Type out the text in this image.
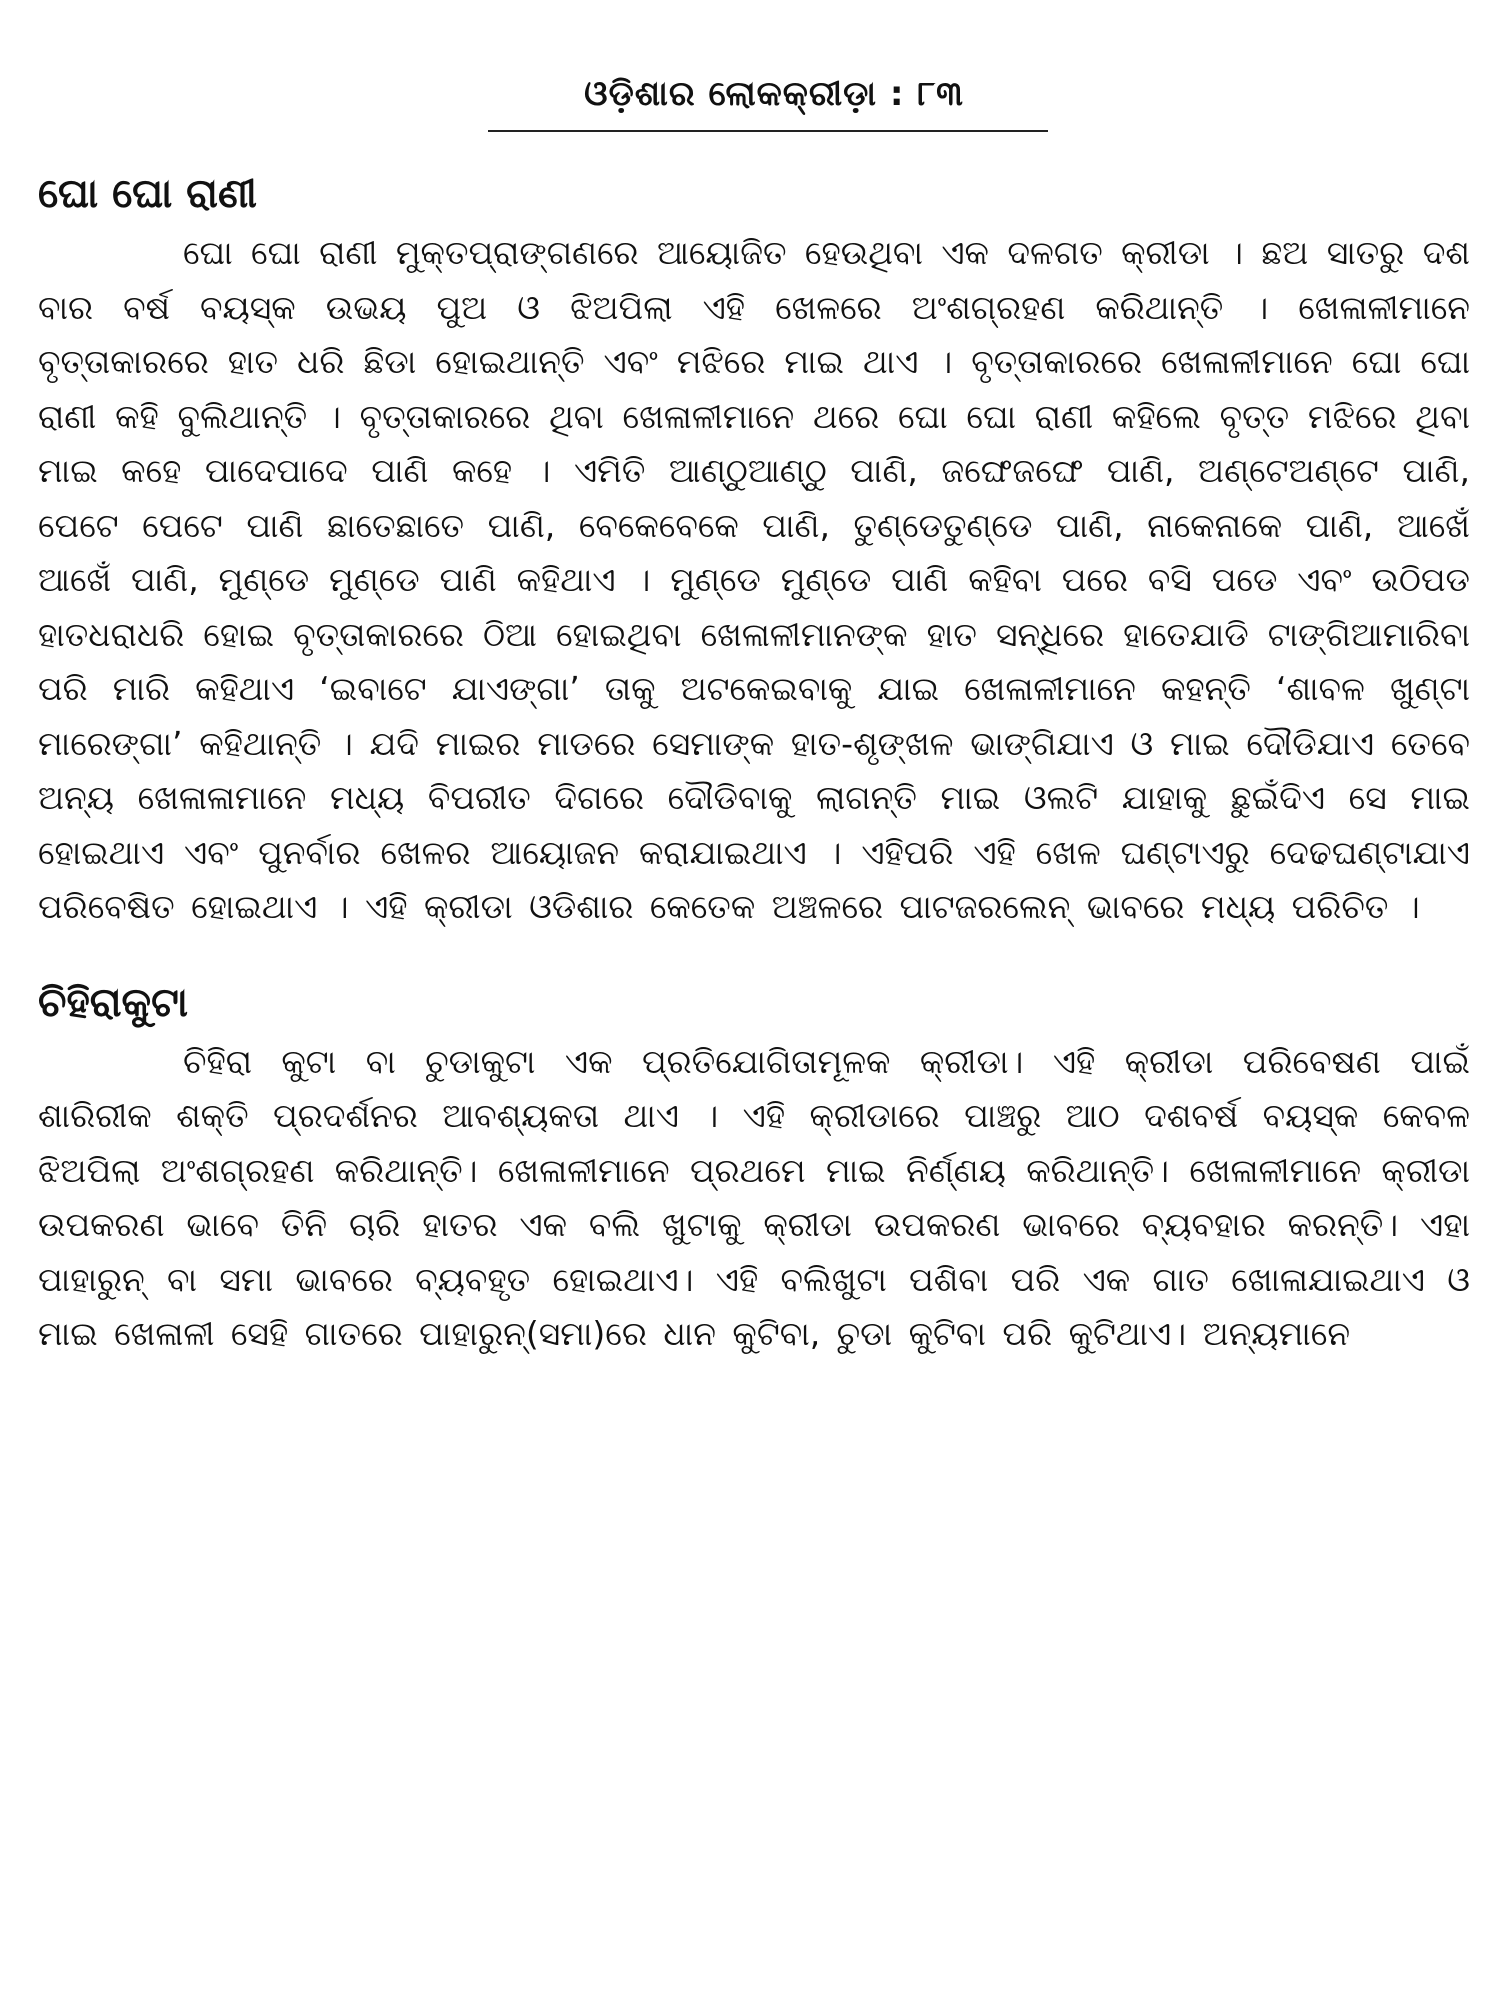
ଓଡ଼ିଶାର ଲୋକକ୍ରୀଡ଼ା : ୮୩
ଘୋ ଘୋ ରାଣୀ

ଘୋ ଘୋ ରାଣୀ ମୁକ୍ତପ୍ରାଙ୍ଗଣରେ ଆୟୋଜିତ ହେଉଥିବା ଏକ ଦଳଗତ କ୍ରୀଡା । ଛଅ ସାତରୁ ଦଶ ବାର ବର୍ଷ ବୟସ୍କ ଉଭୟ ପୁଅ ଓ ଝିଅପିଲା ଏହି ଖେଳରେ ଅଂଶଗ୍ରହଣ କରିଥାନ୍ତି । ଖେଳାଳୀମାନେ ବୃତ୍ତାକାରରେ ହାତ ଧରି ଛିଡା ହୋଇଥାନ୍ତି ଏବଂ ମଝିରେ ମାଇ ଥାଏ । ବୃତ୍ତାକାରରେ ଖେଳାଳୀମାନେ ଘୋ ଘୋ ରାଣୀ କହି ବୁଲିଥାନ୍ତି । ବୃତ୍ତାକାରରେ ଥିବା ଖେଳାଳୀମାନେ ଥରେ ଘୋ ଘୋ ରାଣୀ କହିଲେ ବୃତ୍ତ ମଝିରେ ଥିବା ମାଇ କହେ ପାଦେପାଦେ ପାଣି କହେ । ଏମିତି ଆଣ୍ଠୁଆଣ୍ଠୁ ପାଣି, ଜଙ୍ଘେଜଙ୍ଘେ ପାଣି, ଅଣ୍ଟେଅଣ୍ଟେ ପାଣି, ପେଟେ ପେଟେ ପାଣି ଛାତେଛାତେ ପାଣି, ବେକେବେକେ ପାଣି, ତୁଣ୍ଡେତୁଣ୍ଡେ ପାଣି, ନାକେନାକେ ପାଣି, ଆଖେଁ ଆଖେଁ ପାଣି, ମୁଣ୍ଡେ ମୁଣ୍ଡେ ପାଣି କହିଥାଏ । ମୁଣ୍ଡେ ମୁଣ୍ଡେ ପାଣି କହିବା ପରେ ବସି ପଡେ ଏବଂ ଉଠିପଡ ହାତଧରାଧରି ହୋଇ ବୃତ୍ତାକାରରେ ଠିଆ ହୋଇଥିବା ଖେଳାଳୀମାନଙ୍କ ହାତ ସନ୍ଧିରେ ହାତେଯାଡି ଟାଙ୍ଗିଆମାରିବା ପରି ମାରି କହିଥାଏ ‘ଇବାଟେ ଯାଏଙ୍ଗା’ ତାକୁ ଅଟକେଇବାକୁ ଯାଇ ଖେଳାଳୀମାନେ କହନ୍ତି ‘ଶାବଳ ଖୁଣ୍ଟା ମାରେଙ୍ଗା’ କହିଥାନ୍ତି । ଯଦି ମାଇର ମାଡରେ ସେମାଙ୍କ ହାତ-ଶୃଙ୍ଖଳ ଭାଙ୍ଗିଯାଏ ଓ ମାଇ ଦୌଡିଯାଏ ତେବେ ଅନ୍ୟ ଖେଳାଳାମାନେ ମଧ୍ୟ ବିପରୀତ ଦିଗରେ ଦୌଡିବାକୁ ଲାଗନ୍ତି ମାଇ ଓଲଟି ଯାହାକୁ ଛୁଇଁଦିଏ ସେ ମାଇ ହୋଇଥାଏ ଏବଂ ପୁନର୍ବାର ଖେଳର ଆୟୋଜନ କରାଯାଇଥାଏ । ଏହିପରି ଏହି ଖେଳ ଘଣ୍ଟାଏରୁ ଦେଢଘଣ୍ଟାଯାଏ ପରିବେଷିତ ହୋଇଥାଏ । ଏହି କ୍ରୀଡା ଓଡିଶାର କେତେକ ଅଞ୍ଚଳରେ ପାଟଜରଲେନ୍ ଭାବରେ ମଧ୍ୟ ପରିଚିତ ।

ଚିହିରାକୁଟା

ଚିହିରା କୁଟା ବା ଚୁଡାକୁଟା ଏକ ପ୍ରତିଯୋଗିତାମୂଳକ କ୍ରୀଡା। ଏହି କ୍ରୀଡା ପରିବେଷଣ ପାଇଁ ଶାରିରୀକ ଶକ୍ତି ପ୍ରଦର୍ଶନର ଆବଶ୍ୟକତା ଥାଏ । ଏହି କ୍ରୀଡାରେ ପାଞ୍ଚରୁ ଆଠ ଦଶବର୍ଷ ବୟସ୍କ କେବଳ ଝିଅପିଲା ଅଂଶଗ୍ରହଣ କରିଥାନ୍ତି। ଖେଳାଳୀମାନେ ପ୍ରଥମେ ମାଇ ନିର୍ଣ୍ଣୟ କରିଥାନ୍ତି। ଖେଳାଳୀମାନେ କ୍ରୀଡା ଉପକରଣ ଭାବେ ତିନି ଚାରି ହାତର ଏକ ବଲି ଖୁଟାକୁ କ୍ରୀଡା ଉପକରଣ ଭାବରେ ବ୍ୟବହାର କରନ୍ତି। ଏହା ପାହାରୁନ୍ ବା ସମା ଭାବରେ ବ୍ୟବହୃତ ହୋଇଥାଏ। ଏହି ବଲିଖୁଟା ପଶିବା ପରି ଏକ ଗାତ ଖୋଳାଯାଇଥାଏ ଓ ମାଇ ଖେଳାଳୀ ସେହି ଗାତରେ ପାହାରୁନ୍(ସମା)ରେ ଧାନ କୁଟିବା, ଚୁଡା କୁଟିବା ପରି କୁଟିଥାଏ। ଅନ୍ୟମାନେ
